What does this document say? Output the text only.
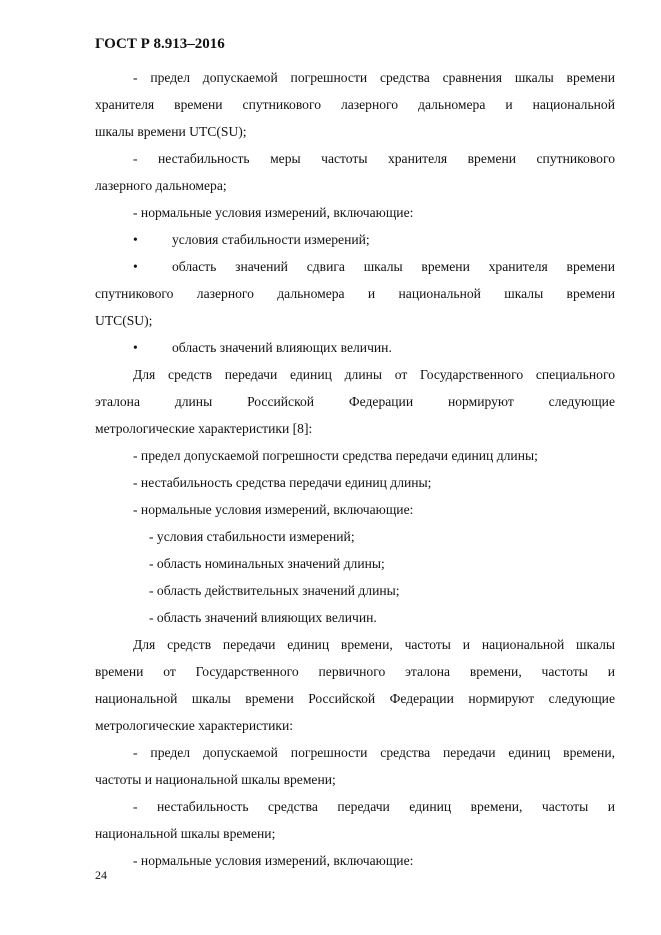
ГОСТ Р 8.913–2016
- предел допускаемой погрешности средства сравнения шкалы времени
хранителя времени спутникового лазерного дальномера и национальной
шкалы времени UTC(SU);
- нестабильность меры частоты хранителя времени спутникового
лазерного дальномера;
- нормальные условия измерений, включающие:
•	условия стабильности измерений;
•	область значений сдвига шкалы времени хранителя времени
спутникового лазерного дальномера и национальной шкалы времени
UTC(SU);
•	область значений влияющих величин.
Для средств передачи единиц длины от Государственного специального
эталона длины Российской Федерации нормируют следующие
метрологические характеристики [8]:
- предел допускаемой погрешности средства передачи единиц длины;
- нестабильность средства передачи единиц длины;
- нормальные условия измерений, включающие:
- условия стабильности измерений;
- область номинальных значений длины;
- область действительных значений длины;
- область значений влияющих величин.
Для средств передачи единиц времени, частоты и национальной шкалы
времени от Государственного первичного эталона времени, частоты и
национальной шкалы времени Российской Федерации нормируют следующие
метрологические характеристики:
- предел допускаемой погрешности средства передачи единиц времени,
частоты и национальной шкалы времени;
- нестабильность средства передачи единиц времени, частоты и
национальной шкалы времени;
- нормальные условия измерений, включающие:
24
